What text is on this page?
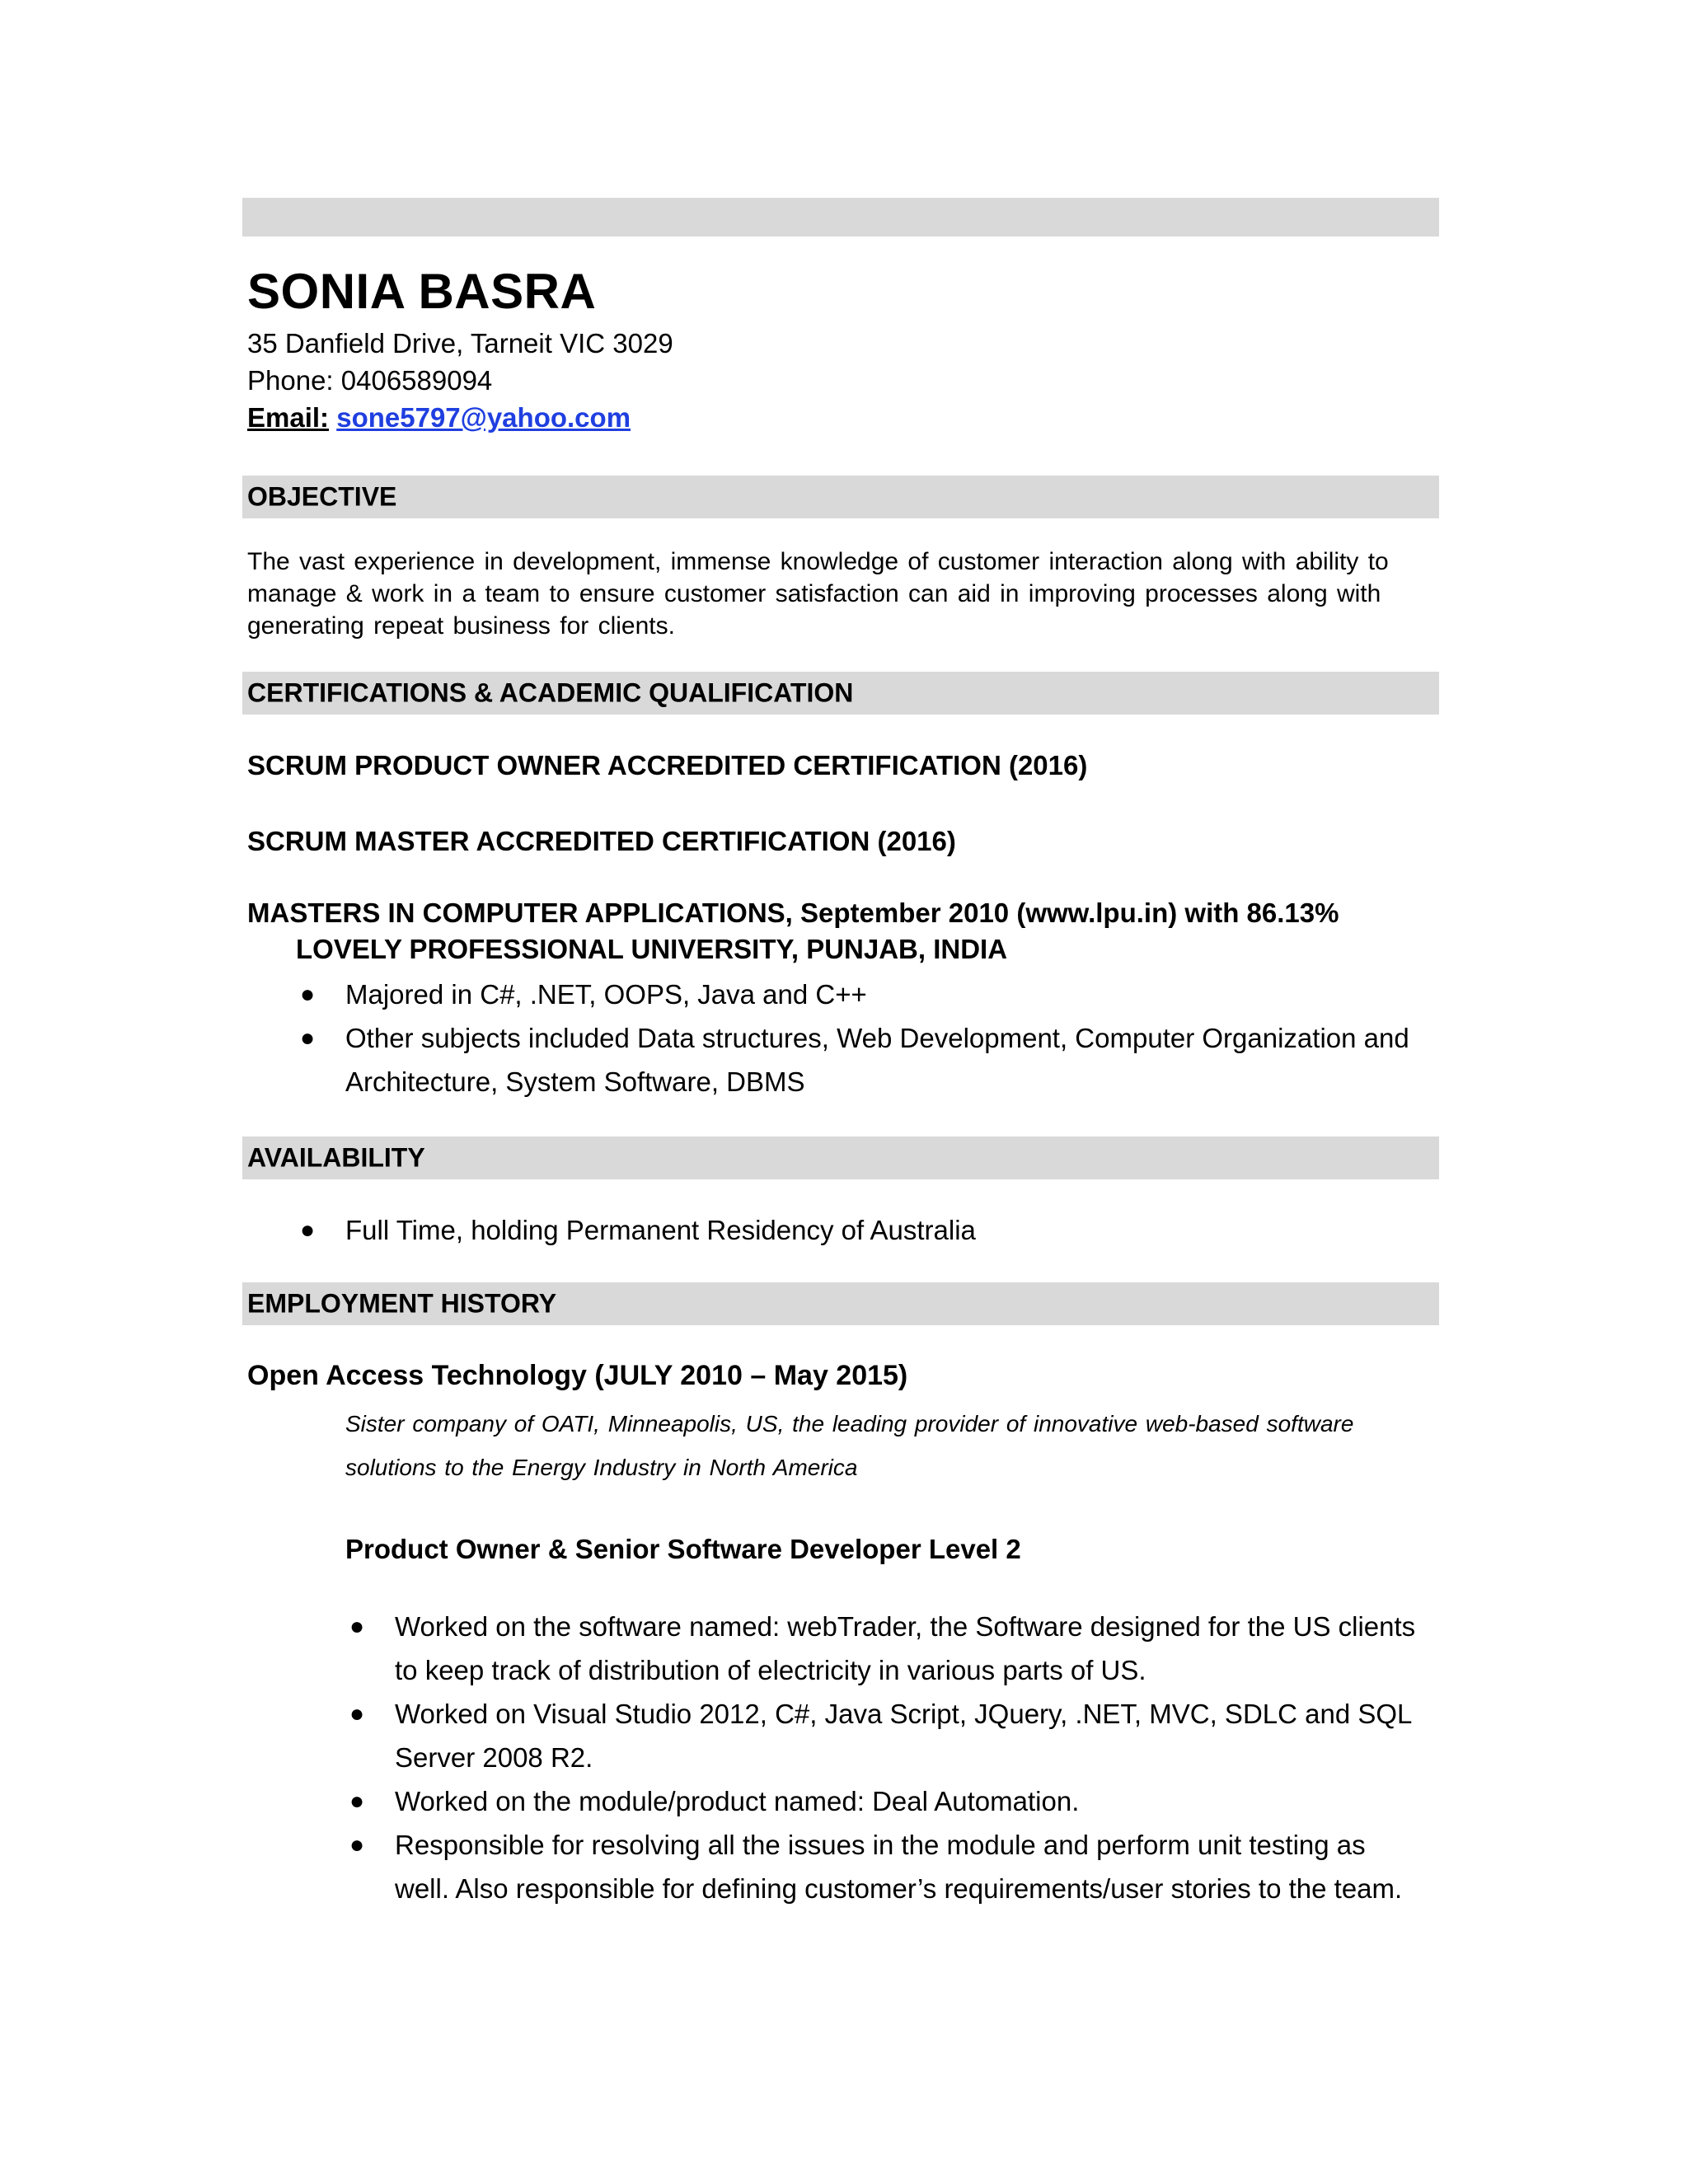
SONIA BASRA
35 Danfield Drive, Tarneit VIC 3029
Phone: 0406589094
Email: sone5797@yahoo.com
OBJECTIVE
The vast experience in development, immense knowledge of customer interaction along with ability to manage & work in a team to ensure customer satisfaction can aid in improving processes along with generating repeat business for clients.
CERTIFICATIONS & ACADEMIC QUALIFICATION
SCRUM PRODUCT OWNER ACCREDITED CERTIFICATION (2016)
SCRUM MASTER ACCREDITED CERTIFICATION (2016)
MASTERS IN COMPUTER APPLICATIONS, September 2010 (www.lpu.in) with 86.13%
LOVELY PROFESSIONAL UNIVERSITY, PUNJAB, INDIA
● Majored in C#, .NET, OOPS, Java and C++
● Other subjects included Data structures, Web Development, Computer Organization and Architecture, System Software, DBMS
AVAILABILITY
● Full Time, holding Permanent Residency of Australia
EMPLOYMENT HISTORY
Open Access Technology (JULY 2010 – May 2015)
Sister company of OATI, Minneapolis, US, the leading provider of innovative web-based software solutions to the Energy Industry in North America
Product Owner & Senior Software Developer Level 2
● Worked on the software named: webTrader, the Software designed for the US clients to keep track of distribution of electricity in various parts of US.
● Worked on Visual Studio 2012, C#, Java Script, JQuery, .NET, MVC, SDLC and SQL Server 2008 R2.
● Worked on the module/product named: Deal Automation.
● Responsible for resolving all the issues in the module and perform unit testing as well. Also responsible for defining customer’s requirements/user stories to the team.
